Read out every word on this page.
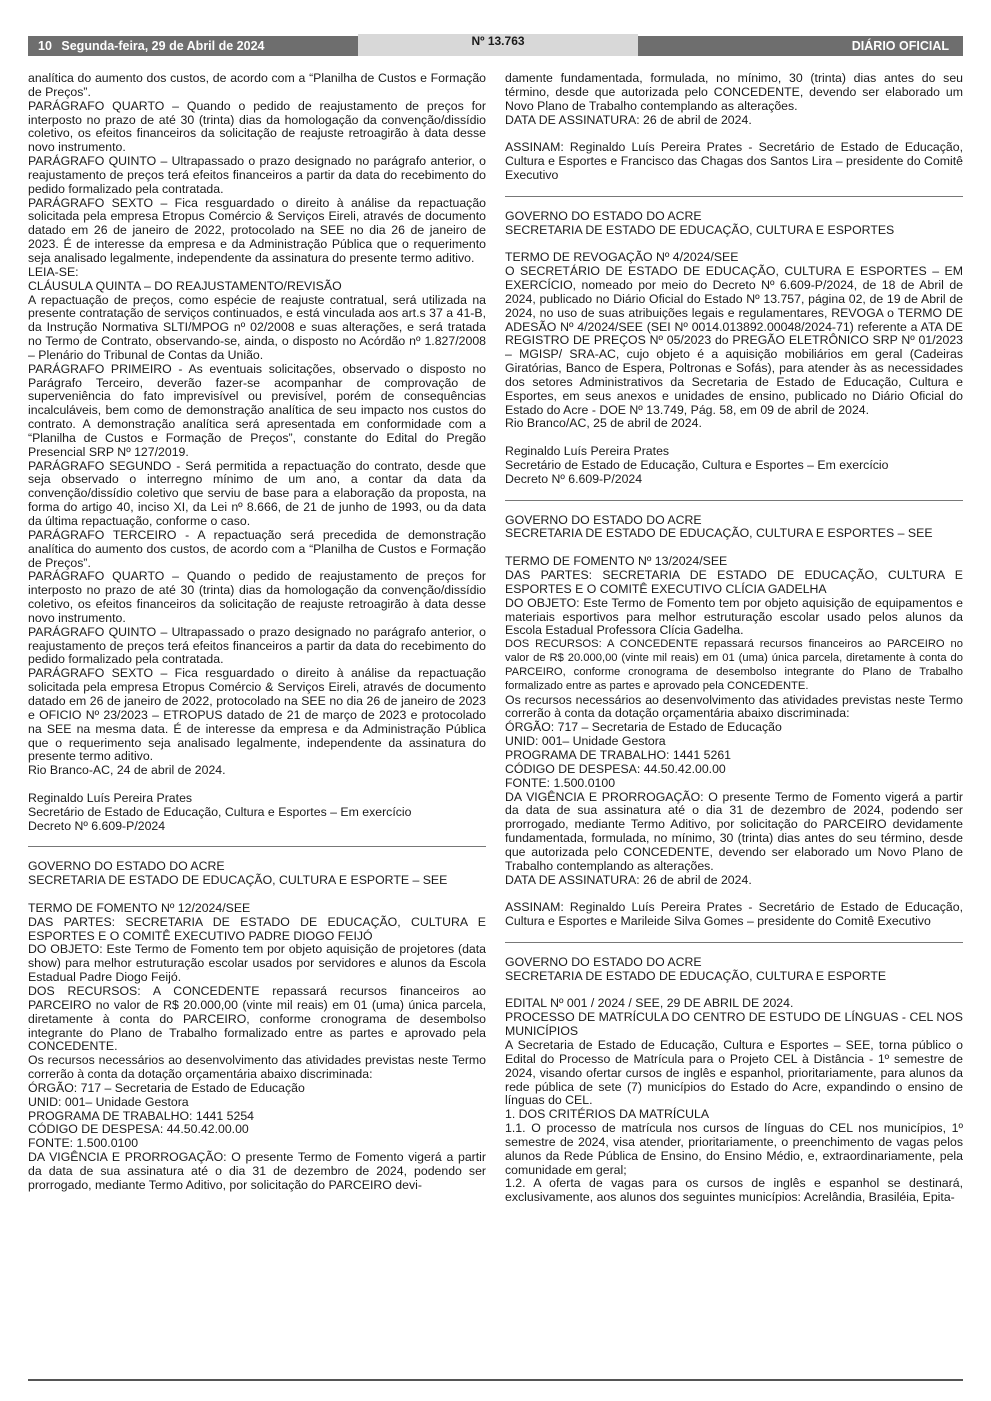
10 Segunda-feira, 29 de Abril de 2024	Nº 13.763	DIÁRIO OFICIAL

analítica do aumento dos custos, de acordo com a “Planilha de Custos e Formação de Preços”.

PARÁGRAFO QUARTO – Quando o pedido de reajustamento de preços for interposto no prazo de até 30 (trinta) dias da homologação da convenção/dissídio coletivo, os efeitos financeiros da solicitação de reajuste retroagirão à data desse novo instrumento.

PARÁGRAFO QUINTO – Ultrapassado o prazo designado no parágrafo anterior, o reajustamento de preços terá efeitos financeiros a partir da data do recebimento do pedido formalizado pela contratada.

PARÁGRAFO SEXTO – Fica resguardado o direito à análise da repactuação solicitada pela empresa Etropus Comércio & Serviços Eireli, através de documento datado em 26 de janeiro de 2022, protocolado na SEE no dia 26 de janeiro de 2023. É de interesse da empresa e da Administração Pública que o requerimento seja analisado legalmente, independente da assinatura do presente termo aditivo.

LEIA-SE:

CLÁUSULA QUINTA – DO REAJUSTAMENTO/REVISÃO

A repactuação de preços, como espécie de reajuste contratual, será utilizada na presente contratação de serviços continuados, e está vinculada aos art.s 37 a 41-B, da Instrução Normativa SLTI/MPOG nº 02/2008 e suas alterações, e será tratada no Termo de Contrato, observando-se, ainda, o disposto no Acórdão nº 1.827/2008 – Plenário do Tribunal de Contas da União.

PARÁGRAFO PRIMEIRO - As eventuais solicitações, observado o disposto no Parágrafo Terceiro, deverão fazer-se acompanhar de comprovação de superveniência do fato imprevisível ou previsível, porém de consequências incalculáveis, bem como de demonstração analítica de seu impacto nos custos do contrato. A demonstração analítica será apresentada em conformidade com a “Planilha de Custos e Formação de Preços”, constante do Edital do Pregão Presencial SRP Nº 127/2019.

PARÁGRAFO SEGUNDO - Será permitida a repactuação do contrato, desde que seja observado o interregno mínimo de um ano, a contar da data da convenção/dissídio coletivo que serviu de base para a elaboração da proposta, na forma do artigo 40, inciso XI, da Lei nº 8.666, de 21 de junho de 1993, ou da data da última repactuação, conforme o caso.

PARÁGRAFO TERCEIRO - A repactuação será precedida de demonstração analítica do aumento dos custos, de acordo com a “Planilha de Custos e Formação de Preços”.

PARÁGRAFO QUARTO – Quando o pedido de reajustamento de preços for interposto no prazo de até 30 (trinta) dias da homologação da convenção/dissídio coletivo, os efeitos financeiros da solicitação de reajuste retroagirão à data desse novo instrumento.

PARÁGRAFO QUINTO – Ultrapassado o prazo designado no parágrafo anterior, o reajustamento de preços terá efeitos financeiros a partir da data do recebimento do pedido formalizado pela contratada.

PARÁGRAFO SEXTO – Fica resguardado o direito à análise da repactuação solicitada pela empresa Etropus Comércio & Serviços Eireli, através de documento datado em 26 de janeiro de 2022, protocolado na SEE no dia 26 de janeiro de 2023 e OFICIO Nº 23/2023 – ETROPUS datado de 21 de março de 2023 e protocolado na SEE na mesma data. É de interesse da empresa e da Administração Pública que o requerimento seja analisado legalmente, independente da assinatura do presente termo aditivo.

Rio Branco-AC, 24 de abril de 2024.

Reginaldo Luís Pereira Prates

Secretário de Estado de Educação, Cultura e Esportes – Em exercício

Decreto Nº 6.609-P/2024

GOVERNO DO ESTADO DO ACRE

SECRETARIA DE ESTADO DE EDUCAÇÃO, CULTURA E ESPORTE – SEE

TERMO DE FOMENTO Nº 12/2024/SEE

DAS PARTES: SECRETARIA DE ESTADO DE EDUCAÇÃO, CULTURA E ESPORTES E O COMITÊ EXECUTIVO PADRE DIOGO FEIJÓ

DO OBJETO: Este Termo de Fomento tem por objeto aquisição de projetores (data show) para melhor estruturação escolar usados por servidores e alunos da Escola Estadual Padre Diogo Feijó.

DOS RECURSOS: A CONCEDENTE repassará recursos financeiros ao PARCEIRO no valor de R$ 20.000,00 (vinte mil reais) em 01 (uma) única parcela, diretamente à conta do PARCEIRO, conforme cronograma de desembolso integrante do Plano de Trabalho formalizado entre as partes e aprovado pela CONCEDENTE.

Os recursos necessários ao desenvolvimento das atividades previstas neste Termo correrão à conta da dotação orçamentária abaixo discriminada:

ÓRGÃO: 717 – Secretaria de Estado de Educação

UNID: 001– Unidade Gestora

PROGRAMA DE TRABALHO: 1441 5254

CÓDIGO DE DESPESA: 44.50.42.00.00

FONTE: 1.500.0100

DA VIGÊNCIA E PRORROGAÇÃO: O presente Termo de Fomento vigerá a partir da data de sua assinatura até o dia 31 de dezembro de 2024, podendo ser prorrogado, mediante Termo Aditivo, por solicitação do PARCEIRO devi-

damente fundamentada, formulada, no mínimo, 30 (trinta) dias antes do seu término, desde que autorizada pelo CONCEDENTE, devendo ser elaborado um Novo Plano de Trabalho contemplando as alterações.

DATA DE ASSINATURA: 26 de abril de 2024.

ASSINAM: Reginaldo Luís Pereira Prates - Secretário de Estado de Educação, Cultura e Esportes e Francisco das Chagas dos Santos Lira – presidente do Comitê Executivo

GOVERNO DO ESTADO DO ACRE

SECRETARIA DE ESTADO DE EDUCAÇÃO, CULTURA E ESPORTES

TERMO DE REVOGAÇÃO Nº 4/2024/SEE

O SECRETÁRIO DE ESTADO DE EDUCAÇÃO, CULTURA E ESPORTES – EM EXERCÍCIO, nomeado por meio do Decreto Nº 6.609-P/2024, de 18 de Abril de 2024, publicado no Diário Oficial do Estado Nº 13.757, página 02, de 19 de Abril de 2024, no uso de suas atribuições legais e regulamentares, REVOGA o TERMO DE ADESÃO Nº 4/2024/SEE (SEI Nº 0014.013892.00048/2024-71) referente a ATA DE REGISTRO DE PREÇOS Nº 05/2023 do PREGÃO ELETRÔNICO SRP Nº 01/2023 – MGISP/ SRA-AC, cujo objeto é a aquisição mobiliários em geral (Cadeiras Giratórias, Banco de Espera, Poltronas e Sofás), para atender às as necessidades dos setores Administrativos da Secretaria de Estado de Educação, Cultura e Esportes, em seus anexos e unidades de ensino, publicado no Diário Oficial do Estado do Acre - DOE Nº 13.749, Pág. 58, em 09 de abril de 2024.

Rio Branco/AC, 25 de abril de 2024.

Reginaldo Luís Pereira Prates

Secretário de Estado de Educação, Cultura e Esportes – Em exercício

Decreto Nº 6.609-P/2024

GOVERNO DO ESTADO DO ACRE

SECRETARIA DE ESTADO DE EDUCAÇÃO, CULTURA E ESPORTES – SEE

TERMO DE FOMENTO Nº 13/2024/SEE

DAS PARTES: SECRETARIA DE ESTADO DE EDUCAÇÃO, CULTURA E ESPORTES E O COMITÊ EXECUTIVO CLÍCIA GADELHA

DO OBJETO: Este Termo de Fomento tem por objeto aquisição de equipamentos e materiais esportivos para melhor estruturação escolar usado pelos alunos da Escola Estadual Professora Clícia Gadelha.

DOS RECURSOS: A CONCEDENTE repassará recursos financeiros ao PARCEIRO no valor de R$ 20.000,00 (vinte mil reais) em 01 (uma) única parcela, diretamente à conta do PARCEIRO, conforme cronograma de desembolso integrante do Plano de Trabalho formalizado entre as partes e aprovado pela CONCEDENTE.

Os recursos necessários ao desenvolvimento das atividades previstas neste Termo correrão à conta da dotação orçamentária abaixo discriminada:

ÓRGÃO: 717 – Secretaria de Estado de Educação

UNID: 001– Unidade Gestora

PROGRAMA DE TRABALHO: 1441 5261

CÓDIGO DE DESPESA: 44.50.42.00.00

FONTE: 1.500.0100

DA VIGÊNCIA E PRORROGAÇÃO: O presente Termo de Fomento vigerá a partir da data de sua assinatura até o dia 31 de dezembro de 2024, podendo ser prorrogado, mediante Termo Aditivo, por solicitação do PARCEIRO devidamente fundamentada, formulada, no mínimo, 30 (trinta) dias antes do seu término, desde que autorizada pelo CONCEDENTE, devendo ser elaborado um Novo Plano de Trabalho contemplando as alterações.

DATA DE ASSINATURA: 26 de abril de 2024.

ASSINAM: Reginaldo Luís Pereira Prates - Secretário de Estado de Educação, Cultura e Esportes e Marileide Silva Gomes – presidente do Comitê Executivo

GOVERNO DO ESTADO DO ACRE

SECRETARIA DE ESTADO DE EDUCAÇÃO, CULTURA E ESPORTE

EDITAL Nº 001 / 2024 / SEE, 29 DE ABRIL DE 2024.

PROCESSO DE MATRÍCULA DO CENTRO DE ESTUDO DE LÍNGUAS - CEL NOS MUNICÍPIOS

A Secretaria de Estado de Educação, Cultura e Esportes – SEE, torna público o Edital do Processo de Matrícula para o Projeto CEL à Distância - 1º semestre de 2024, visando ofertar cursos de inglês e espanhol, prioritariamente, para alunos da rede pública de sete (7) municípios do Estado do Acre, expandindo o ensino de línguas do CEL.

1. DOS CRITÉRIOS DA MATRÍCULA

1.1. O processo de matrícula nos cursos de línguas do CEL nos municípios, 1º semestre de 2024, visa atender, prioritariamente, o preenchimento de vagas pelos alunos da Rede Pública de Ensino, do Ensino Médio, e, extraordinariamente, pela comunidade em geral;

1.2. A oferta de vagas para os cursos de inglês e espanhol se destinará, exclusivamente, aos alunos dos seguintes municípios: Acrelândia, Brasiléia, Epita-
